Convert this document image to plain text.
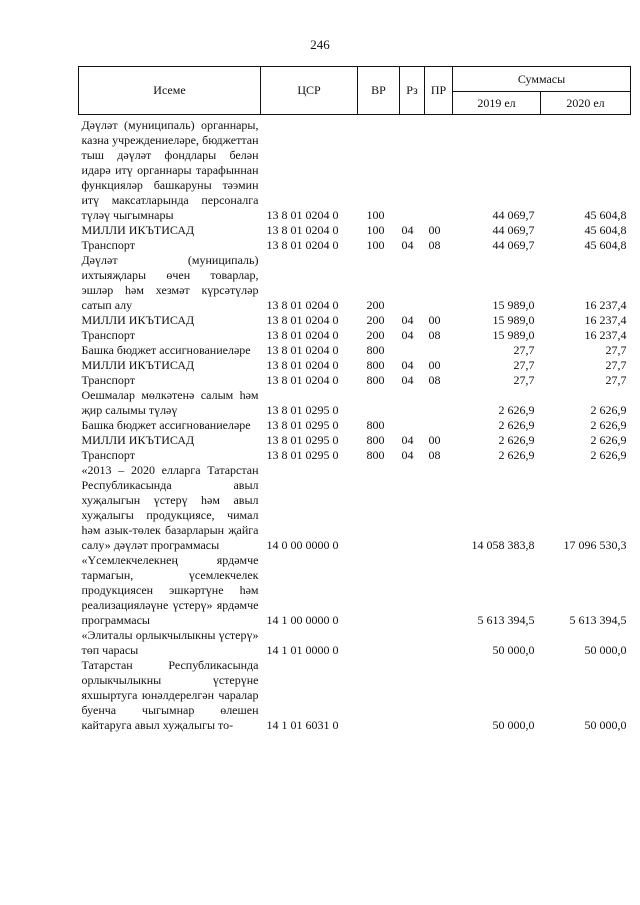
246
Исеме	ЦСР	ВР	Рз	ПР	Суммасы	
					2019 ел	2020 ел
Дәүләт (муниципаль) органнары, казна учреждениеләре, бюджеттан тыш дәүләт фондлары белән идарә итү органнары тарафыннан функцияләр башкаруны тәэмин итү максатларында персоналга түләү чыгымнары	13 8 01 0204 0	100			44 069,7	45 604,8
МИЛЛИ ИКЪТИСАД	13 8 01 0204 0	100	04	00	44 069,7	45 604,8
Транспорт	13 8 01 0204 0	100	04	08	44 069,7	45 604,8
Дәүләт (муниципаль) ихтыяҗлары өчен товарлар, эшләр һәм хезмәт күрсәтүләр сатып алу	13 8 01 0204 0	200			15 989,0	16 237,4
МИЛЛИ ИКЪТИСАД	13 8 01 0204 0	200	04	00	15 989,0	16 237,4
Транспорт	13 8 01 0204 0	200	04	08	15 989,0	16 237,4
Башка бюджет ассигнованиеләре	13 8 01 0204 0	800			27,7	27,7
МИЛЛИ ИКЪТИСАД	13 8 01 0204 0	800	04	00	27,7	27,7
Транспорт	13 8 01 0204 0	800	04	08	27,7	27,7
Оешмалар мөлкәтенә салым һәм җир салымы түләү	13 8 01 0295 0				2 626,9	2 626,9
Башка бюджет ассигнованиеләре	13 8 01 0295 0	800			2 626,9	2 626,9
МИЛЛИ ИКЪТИСАД	13 8 01 0295 0	800	04	00	2 626,9	2 626,9
Транспорт	13 8 01 0295 0	800	04	08	2 626,9	2 626,9
«2013 – 2020 елларга Татарстан Республикасында авыл хуҗалыгын үстерү һәм авыл хуҗалыгы продукциясе, чимал һәм азык-төлек базарларын җайга салу» дәүләт программасы	14 0 00 0000 0				14 058 383,8	17 096 530,3
«Үсемлекчелекнең ярдәмче тармагын, үсемлекчелек продукциясен эшкәртүне һәм реализацияләүне үстерү» ярдәмче программасы	14 1 00 0000 0				5 613 394,5	5 613 394,5
«Элиталы орлыкчылыкны үстерү» төп чарасы	14 1 01 0000 0				50 000,0	50 000,0
Татарстан Республикасында орлыкчылыкны үстерүне яхшыртуга юнәлдерелгән чаралар буенча чыгымнар өлешен кайтаруга авыл хуҗалыгы то-	14 1 01 6031 0				50 000,0	50 000,0
